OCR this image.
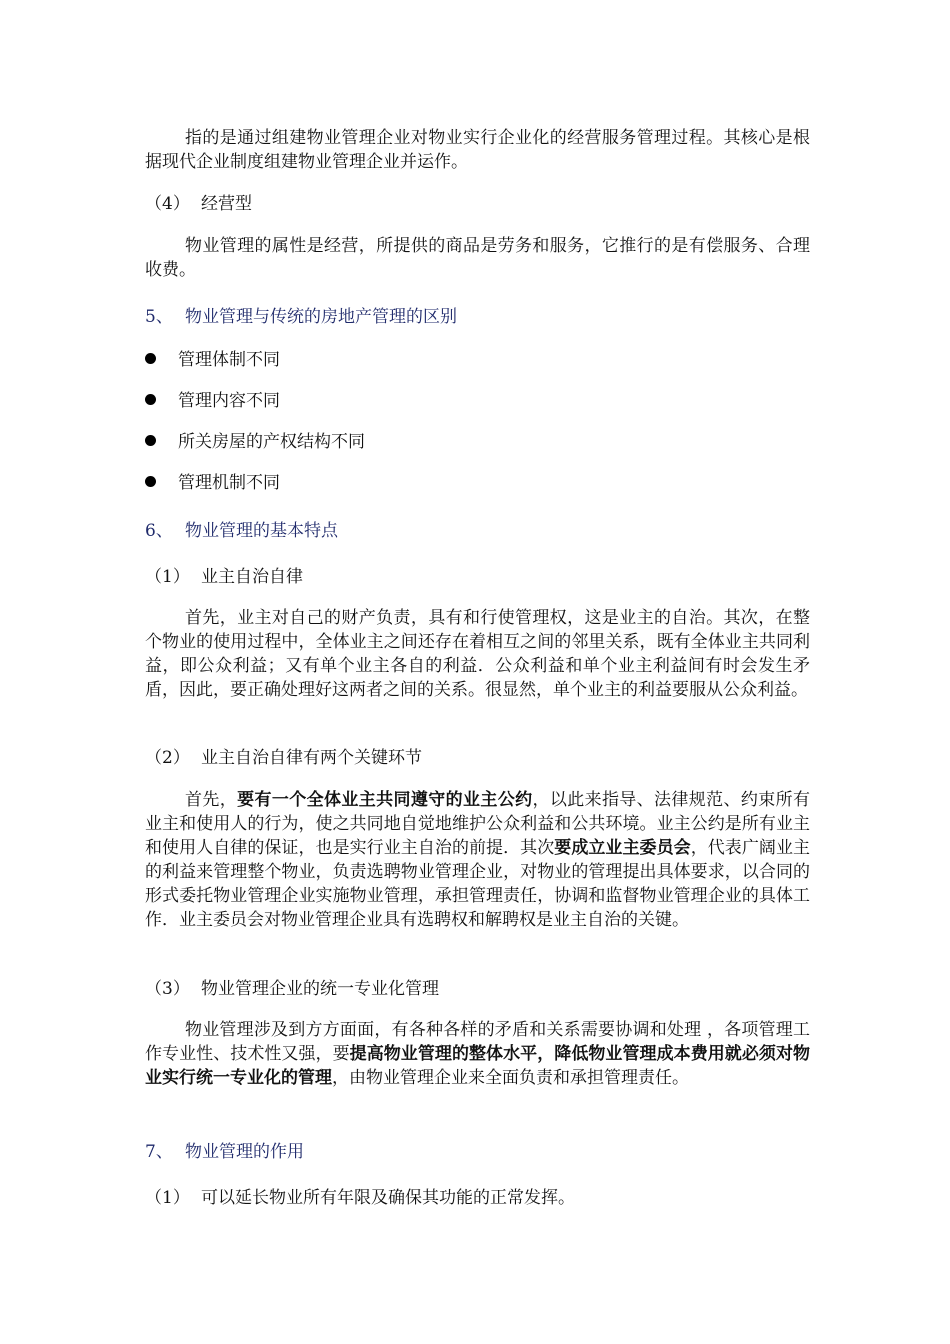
指的是通过组建物业管理企业对物业实行企业化的经营服务管理过程。其核心是根据现代企业制度组建物业管理企业并运作。
（4） 经营型
物业管理的属性是经营，所提供的商品是劳务和服务，它推行的是有偿服务、合理收费。
5、 物业管理与传统的房地产管理的区别
管理体制不同
管理内容不同
所关房屋的产权结构不同
管理机制不同
6、 物业管理的基本特点
（1） 业主自治自律
首先，业主对自己的财产负责，具有和行使管理权，这是业主的自治。其次，在整个物业的使用过程中，全体业主之间还存在着相互之间的邻里关系，既有全体业主共同利益，即公众利益；又有单个业主各自的利益．公众利益和单个业主利益间有时会发生矛盾，因此，要正确处理好这两者之间的关系。很显然，单个业主的利益要服从公众利益。
（2） 业主自治自律有两个关键环节
首先，要有一个全体业主共同遵守的业主公约，以此来指导、法律规范、约束所有业主和使用人的行为，使之共同地自觉地维护公众利益和公共环境。业主公约是所有业主和使用人自律的保证，也是实行业主自治的前提．其次要成立业主委员会，代表广阔业主的利益来管理整个物业，负责选聘物业管理企业，对物业的管理提出具体要求，以合同的形式委托物业管理企业实施物业管理，承担管理责任，协调和监督物业管理企业的具体工作．业主委员会对物业管理企业具有选聘权和解聘权是业主自治的关键。
（3） 物业管理企业的统一专业化管理
物业管理涉及到方方面面，有各种各样的矛盾和关系需要协调和处理 ，各项管理工作专业性、技术性又强，要提高物业管理的整体水平，降低物业管理成本费用就必须对物业实行统一专业化的管理，由物业管理企业来全面负责和承担管理责任。
7、 物业管理的作用
（1） 可以延长物业所有年限及确保其功能的正常发挥。
